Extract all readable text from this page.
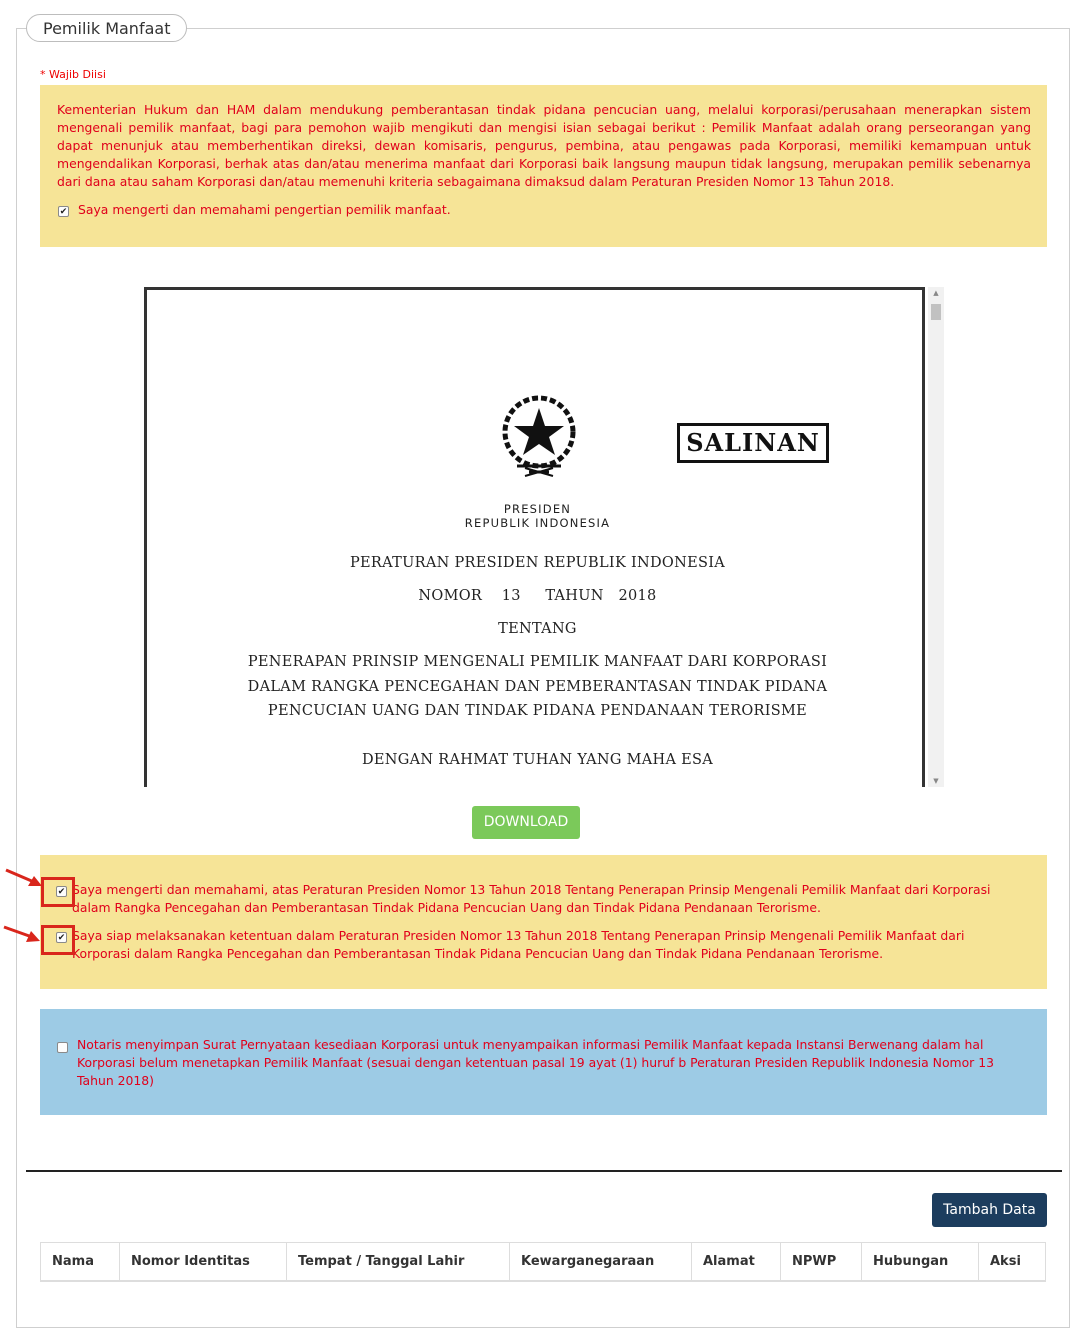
Pemilik Manfaat
* Wajib Diisi
Kementerian Hukum dan HAM dalam mendukung pemberantasan tindak pidana pencucian uang, melalui korporasi/perusahaan menerapkan sistem mengenali pemilik manfaat, bagi para pemohon wajib mengikuti dan mengisi isian sebagai berikut : Pemilik Manfaat adalah orang perseorangan yang dapat menunjuk atau memberhentikan direksi, dewan komisaris, pengurus, pembina, atau pengawas pada Korporasi, memiliki kemampuan untuk mengendalikan Korporasi, berhak atas dan/atau menerima manfaat dari Korporasi baik langsung maupun tidak langsung, merupakan pemilik sebenarnya dari dana atau saham Korporasi dan/atau memenuhi kriteria sebagaimana dimaksud dalam Peraturan Presiden Nomor 13 Tahun 2018.
✔ Saya mengerti dan memahami pengertian pemilik manfaat.
SALINAN
PRESIDEN
REPUBLIK INDONESIA
PERATURAN PRESIDEN REPUBLIK INDONESIA
NOMOR    13     TAHUN   2018
TENTANG
PENERAPAN PRINSIP MENGENALI PEMILIK MANFAAT DARI KORPORASI
DALAM RANGKA PENCEGAHAN DAN PEMBERANTASAN TINDAK PIDANA
PENCUCIAN UANG DAN TINDAK PIDANA PENDANAAN TERORISME
DENGAN RAHMAT TUHAN YANG MAHA ESA
▲
▼
DOWNLOAD
✔ Saya mengerti dan memahami, atas Peraturan Presiden Nomor 13 Tahun 2018 Tentang Penerapan Prinsip Mengenali Pemilik Manfaat dari Korporasi dalam Rangka Pencegahan dan Pemberantasan Tindak Pidana Pencucian Uang dan Tindak Pidana Pendanaan Terorisme.
✔ Saya siap melaksanakan ketentuan dalam Peraturan Presiden Nomor 13 Tahun 2018 Tentang Penerapan Prinsip Mengenali Pemilik Manfaat dari Korporasi dalam Rangka Pencegahan dan Pemberantasan Tindak Pidana Pencucian Uang dan Tindak Pidana Pendanaan Terorisme.
Notaris menyimpan Surat Pernyataan kesediaan Korporasi untuk menyampaikan informasi Pemilik Manfaat kepada Instansi Berwenang dalam hal Korporasi belum menetapkan Pemilik Manfaat (sesuai dengan ketentuan pasal 19 ayat (1) huruf b Peraturan Presiden Republik Indonesia Nomor 13 Tahun 2018)
Tambah Data
Nama	Nomor Identitas	Tempat / Tanggal Lahir	Kewarganegaraan	Alamat	NPWP	Hubungan	Aksi
